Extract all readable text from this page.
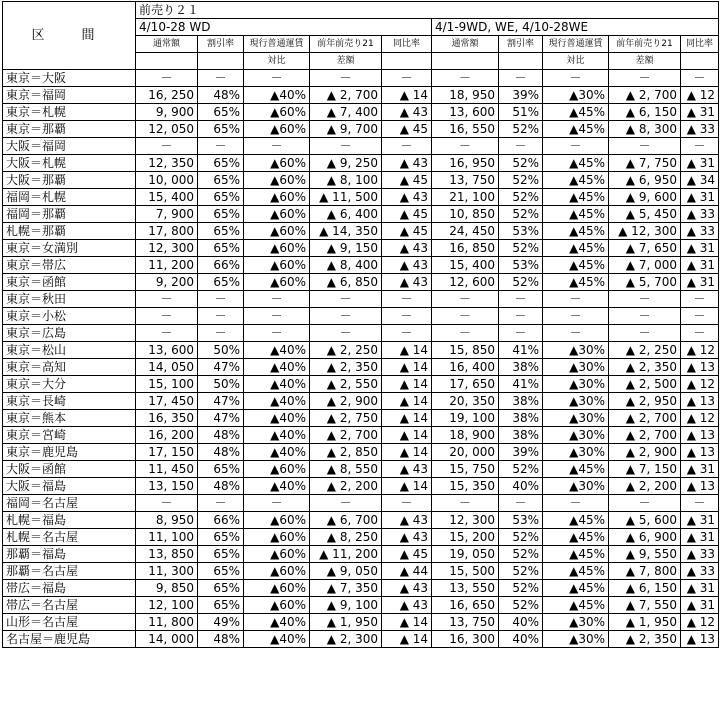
区　間	前売り２１									
	4/10-28 WD					4/1-9WD, WE, 4/10-28WE				
	通常額	割引率	現行普通運賃	前年前売り21	同比率	通常額	割引率	現行普通運賃	前年前売り21	同比率
			対比	差額				対比	差額	
東京＝大阪	－	－	－	－	－	－	－	－	－	－
東京＝福岡	16, 250	48%	▲40%	▲ 2, 700	▲ 14	18, 950	39%	▲30%	▲ 2, 700	▲ 12
東京＝札幌	9, 900	65%	▲60%	▲ 7, 400	▲ 43	13, 600	51%	▲45%	▲ 6, 150	▲ 31
東京＝那覇	12, 050	65%	▲60%	▲ 9, 700	▲ 45	16, 550	52%	▲45%	▲ 8, 300	▲ 33
大阪＝福岡	－	－	－	－	－	－	－	－	－	－
大阪＝札幌	12, 350	65%	▲60%	▲ 9, 250	▲ 43	16, 950	52%	▲45%	▲ 7, 750	▲ 31
大阪＝那覇	10, 000	65%	▲60%	▲ 8, 100	▲ 45	13, 750	52%	▲45%	▲ 6, 950	▲ 34
福岡＝札幌	15, 400	65%	▲60%	▲ 11, 500	▲ 43	21, 100	52%	▲45%	▲ 9, 600	▲ 31
福岡＝那覇	7, 900	65%	▲60%	▲ 6, 400	▲ 45	10, 850	52%	▲45%	▲ 5, 450	▲ 33
札幌＝那覇	17, 800	65%	▲60%	▲ 14, 350	▲ 45	24, 450	53%	▲45%	▲ 12, 300	▲ 33
東京＝女満別	12, 300	65%	▲60%	▲ 9, 150	▲ 43	16, 850	52%	▲45%	▲ 7, 650	▲ 31
東京＝帯広	11, 200	66%	▲60%	▲ 8, 400	▲ 43	15, 400	53%	▲45%	▲ 7, 000	▲ 31
東京＝函館	9, 200	65%	▲60%	▲ 6, 850	▲ 43	12, 600	52%	▲45%	▲ 5, 700	▲ 31
東京＝秋田	－	－	－	－	－	－	－	－	－	－
東京＝小松	－	－	－	－	－	－	－	－	－	－
東京＝広島	－	－	－	－	－	－	－	－	－	－
東京＝松山	13, 600	50%	▲40%	▲ 2, 250	▲ 14	15, 850	41%	▲30%	▲ 2, 250	▲ 12
東京＝高知	14, 050	47%	▲40%	▲ 2, 350	▲ 14	16, 400	38%	▲30%	▲ 2, 350	▲ 13
東京＝大分	15, 100	50%	▲40%	▲ 2, 550	▲ 14	17, 650	41%	▲30%	▲ 2, 500	▲ 12
東京＝長崎	17, 450	47%	▲40%	▲ 2, 900	▲ 14	20, 350	38%	▲30%	▲ 2, 950	▲ 13
東京＝熊本	16, 350	47%	▲40%	▲ 2, 750	▲ 14	19, 100	38%	▲30%	▲ 2, 700	▲ 12
東京＝宮崎	16, 200	48%	▲40%	▲ 2, 700	▲ 14	18, 900	38%	▲30%	▲ 2, 700	▲ 13
東京＝鹿児島	17, 150	48%	▲40%	▲ 2, 850	▲ 14	20, 000	39%	▲30%	▲ 2, 900	▲ 13
大阪＝函館	11, 450	65%	▲60%	▲ 8, 550	▲ 43	15, 750	52%	▲45%	▲ 7, 150	▲ 31
大阪＝福島	13, 150	48%	▲40%	▲ 2, 200	▲ 14	15, 350	40%	▲30%	▲ 2, 200	▲ 13
福岡＝名古屋	－	－	－	－	－	－	－	－	－	－
札幌＝福島	8, 950	66%	▲60%	▲ 6, 700	▲ 43	12, 300	53%	▲45%	▲ 5, 600	▲ 31
札幌＝名古屋	11, 100	65%	▲60%	▲ 8, 250	▲ 43	15, 200	52%	▲45%	▲ 6, 900	▲ 31
那覇＝福島	13, 850	65%	▲60%	▲ 11, 200	▲ 45	19, 050	52%	▲45%	▲ 9, 550	▲ 33
那覇＝名古屋	11, 300	65%	▲60%	▲ 9, 050	▲ 44	15, 500	52%	▲45%	▲ 7, 800	▲ 33
帯広＝福島	9, 850	65%	▲60%	▲ 7, 350	▲ 43	13, 550	52%	▲45%	▲ 6, 150	▲ 31
帯広＝名古屋	12, 100	65%	▲60%	▲ 9, 100	▲ 43	16, 650	52%	▲45%	▲ 7, 550	▲ 31
山形＝名古屋	11, 800	49%	▲40%	▲ 1, 950	▲ 14	13, 750	40%	▲30%	▲ 1, 950	▲ 12
名古屋＝鹿児島	14, 000	48%	▲40%	▲ 2, 300	▲ 14	16, 300	40%	▲30%	▲ 2, 350	▲ 13
